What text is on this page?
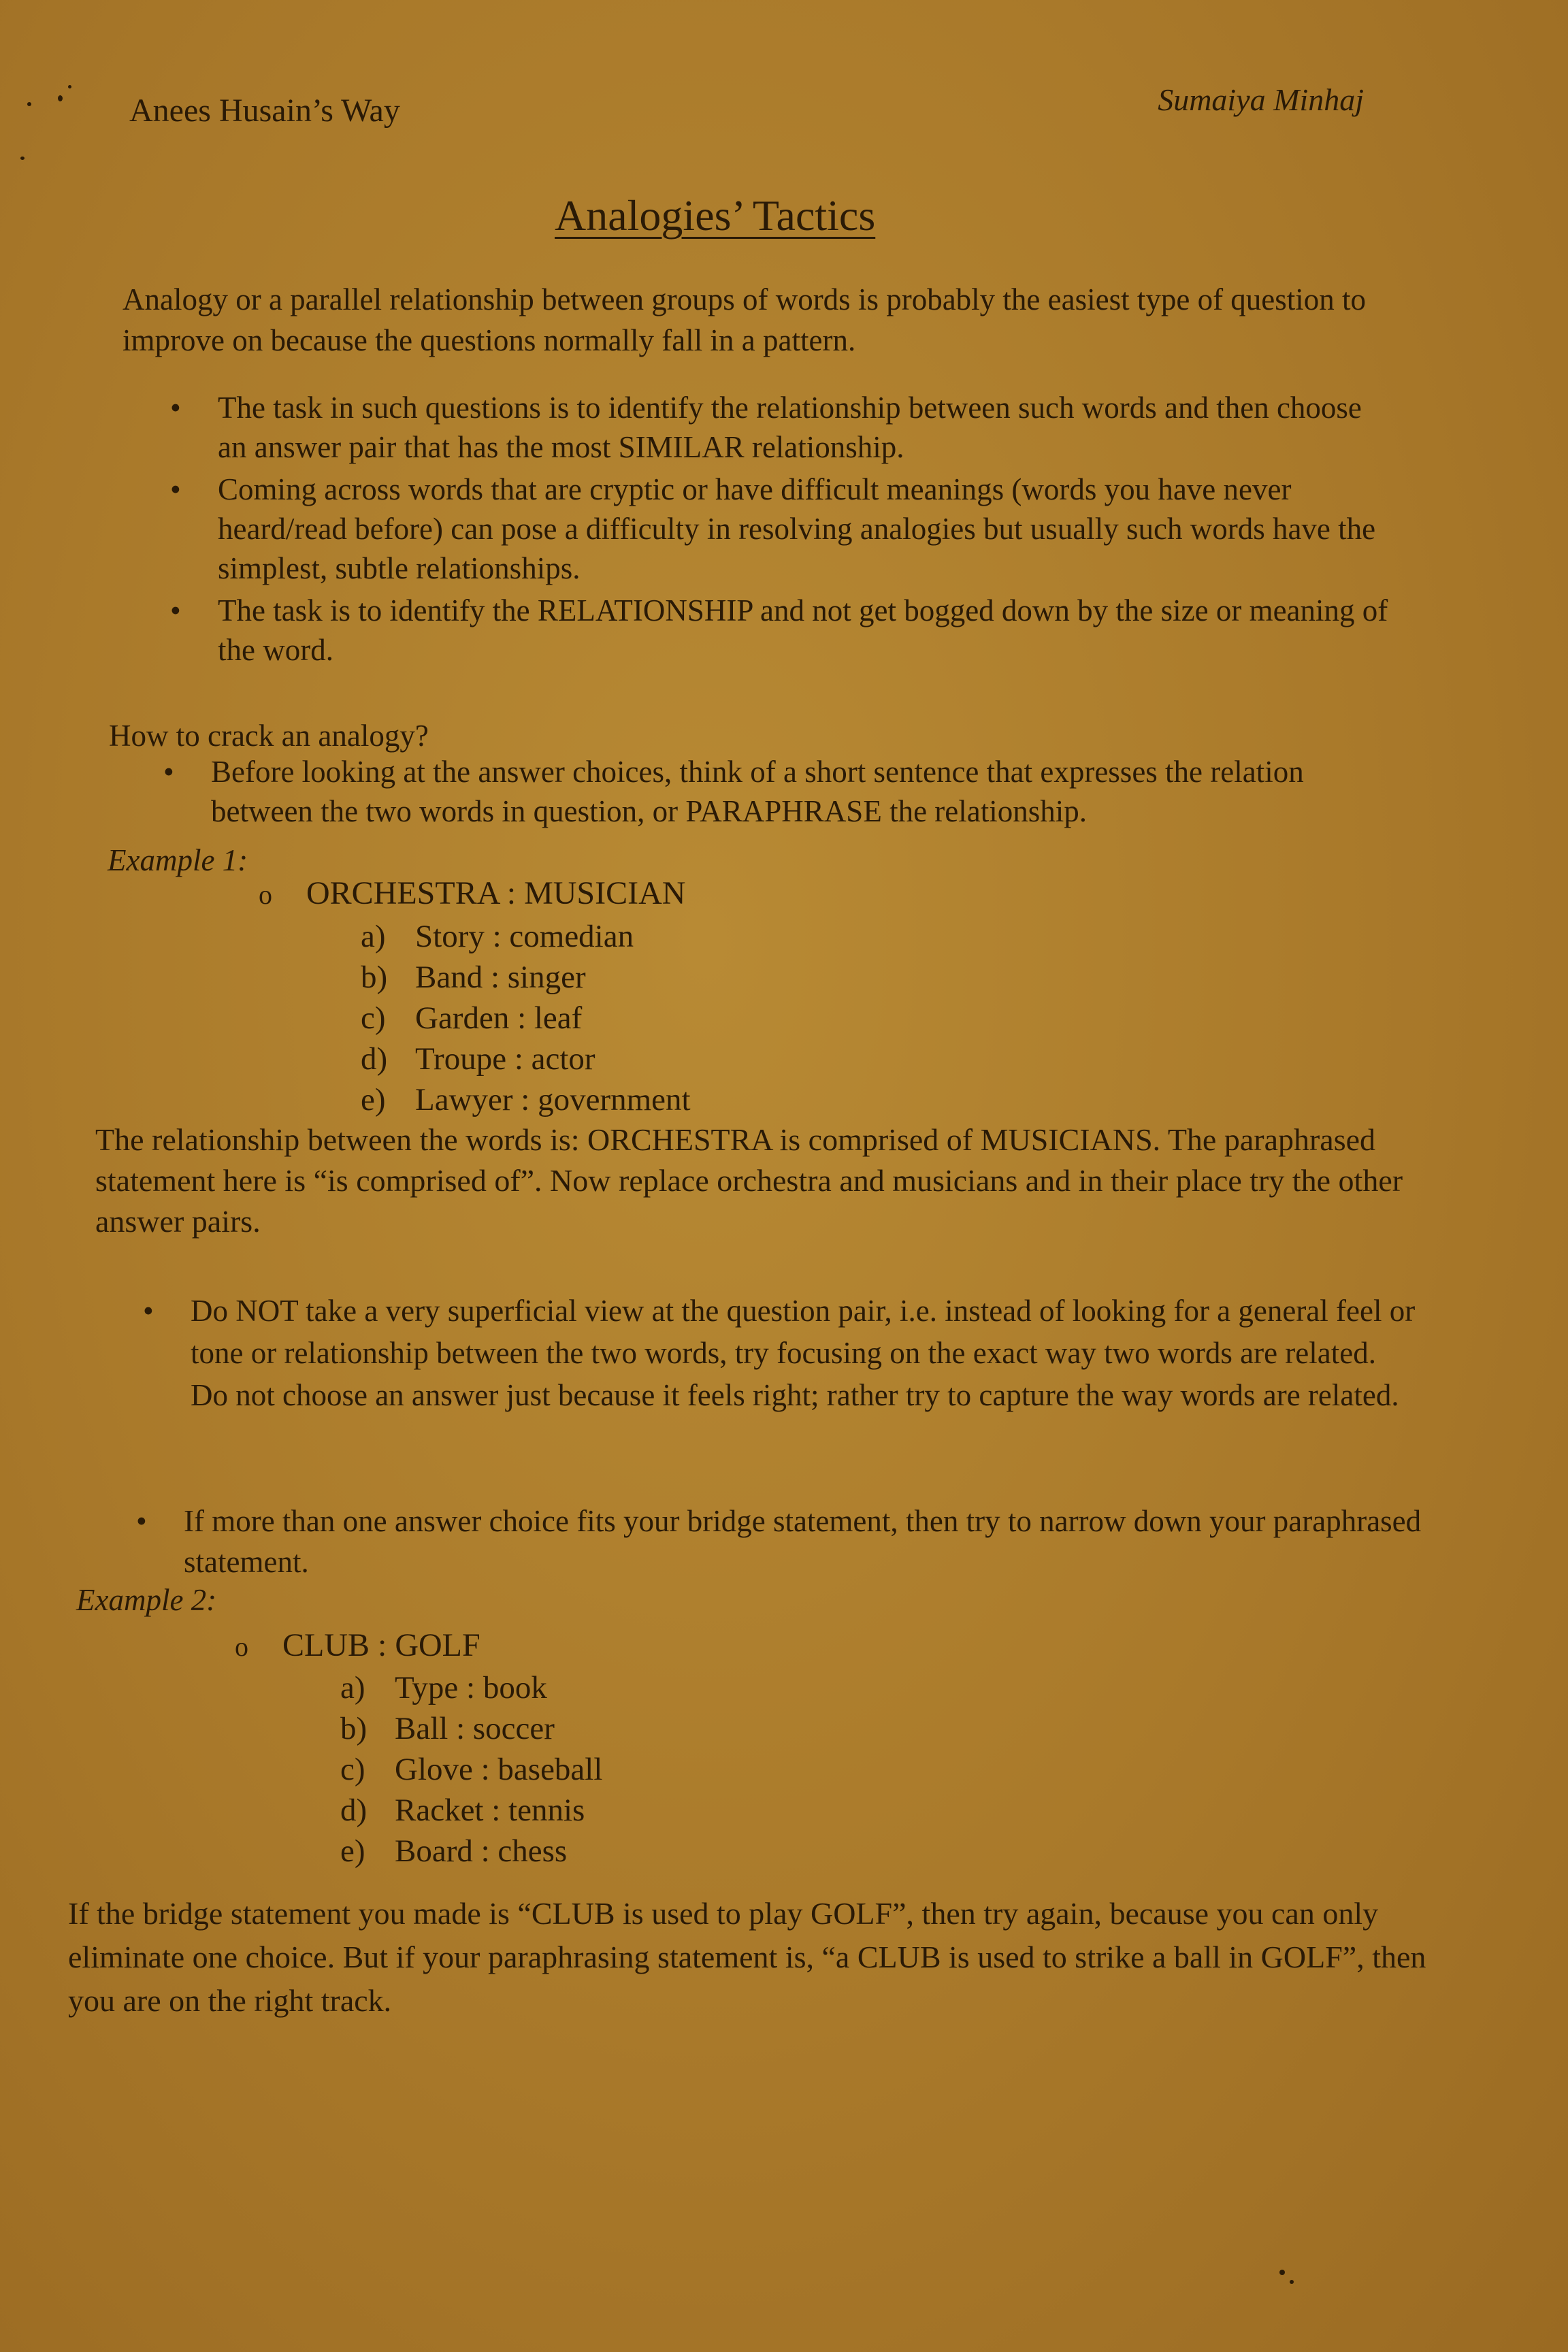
Anees Husain’s Way	Sumaiya Minhaj
Analogies’ Tactics
Analogy or a parallel relationship between groups of words is probably the easiest type of question to improve on because the questions normally fall in a pattern.
• The task in such questions is to identify the relationship between such words and then choose an answer pair that has the most SIMILAR relationship.
• Coming across words that are cryptic or have difficult meanings (words you have never heard/read before) can pose a difficulty in resolving analogies but usually such words have the simplest, subtle relationships.
• The task is to identify the RELATIONSHIP and not get bogged down by the size or meaning of the word.
How to crack an analogy?
• Before looking at the answer choices, think of a short sentence that expresses the relation between the two words in question, or PARAPHRASE the relationship.
Example 1:
o ORCHESTRA : MUSICIAN
a) Story : comedian
b) Band : singer
c) Garden : leaf
d) Troupe : actor
e) Lawyer : government
The relationship between the words is: ORCHESTRA is comprised of MUSICIANS. The paraphrased statement here is “is comprised of”. Now replace orchestra and musicians and in their place try the other answer pairs.
• Do NOT take a very superficial view at the question pair, i.e. instead of looking for a general feel or tone or relationship between the two words, try focusing on the exact way two words are related. Do not choose an answer just because it feels right; rather try to capture the way words are related.
• If more than one answer choice fits your bridge statement, then try to narrow down your paraphrased statement.
Example 2:
o CLUB : GOLF
a) Type : book
b) Ball : soccer
c) Glove : baseball
d) Racket : tennis
e) Board : chess
If the bridge statement you made is “CLUB is used to play GOLF”, then try again, because you can only eliminate one choice. But if your paraphrasing statement is, “a CLUB is used to strike a ball in GOLF”, then you are on the right track.
